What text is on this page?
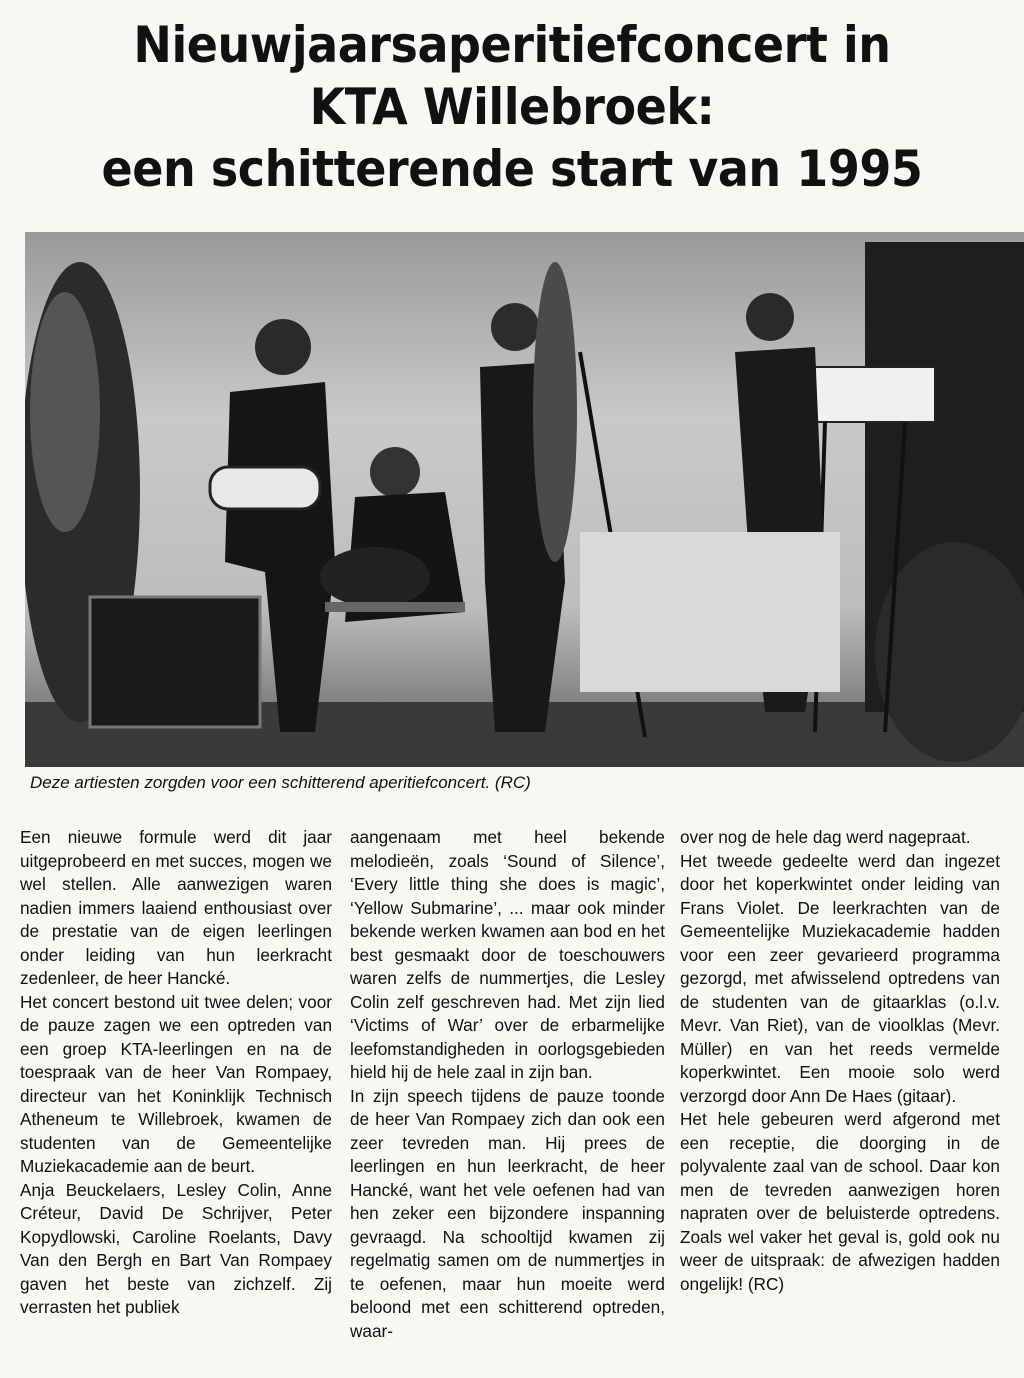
Nieuwjaarsaperitiefconcert in
KTA Willebroek:
een schitterende start van 1995
Deze artiesten zorgden voor een schitterend aperitiefconcert. (RC)

Een nieuwe formule werd dit jaar uitgeprobeerd en met succes, mogen we wel stellen. Alle aanwezigen waren nadien immers laaiend enthousiast over de prestatie van de eigen leerlingen onder leiding van hun leerkracht zedenleer, de heer Hancké.

Het concert bestond uit twee delen; voor de pauze zagen we een optreden van een groep KTA-leerlingen en na de toespraak van de heer Van Rompaey, directeur van het Koninklijk Technisch Atheneum te Willebroek, kwamen de studenten van de Gemeentelijke Muziekacademie aan de beurt.

Anja Beuckelaers, Lesley Colin, Anne Créteur, David De Schrijver, Peter Kopydlowski, Caroline Roelants, Davy Van den Bergh en Bart Van Rompaey gaven het beste van zichzelf. Zij verrasten het publiek

aangenaam met heel bekende melodieën, zoals ‘Sound of Silence’, ‘Every little thing she does is magic’, ‘Yellow Submarine’, ... maar ook minder bekende werken kwamen aan bod en het best gesmaakt door de toeschouwers waren zelfs de nummertjes, die Lesley Colin zelf geschreven had. Met zijn lied ‘Victims of War’ over de erbarmelijke leefomstandigheden in oorlogsgebieden hield hij de hele zaal in zijn ban.

In zijn speech tijdens de pauze toonde de heer Van Rompaey zich dan ook een zeer tevreden man. Hij prees de leerlingen en hun leerkracht, de heer Hancké, want het vele oefenen had van hen zeker een bijzondere inspanning gevraagd. Na schooltijd kwamen zij regelmatig samen om de nummertjes in te oefenen, maar hun moeite werd beloond met een schitterend optreden, waar-

over nog de hele dag werd nagepraat.

Het tweede gedeelte werd dan ingezet door het koperkwintet onder leiding van Frans Violet. De leerkrachten van de Gemeentelijke Muziekacademie hadden voor een zeer gevarieerd programma gezorgd, met afwisselend optredens van de studenten van de gitaarklas (o.l.v. Mevr. Van Riet), van de vioolklas (Mevr. Müller) en van het reeds vermelde koperkwintet. Een mooie solo werd verzorgd door Ann De Haes (gitaar).

Het hele gebeuren werd afgerond met een receptie, die doorging in de polyvalente zaal van de school. Daar kon men de tevreden aanwezigen horen napraten over de beluisterde optredens. Zoals wel vaker het geval is, gold ook nu weer de uitspraak: de afwezigen hadden ongelijk! (RC)
